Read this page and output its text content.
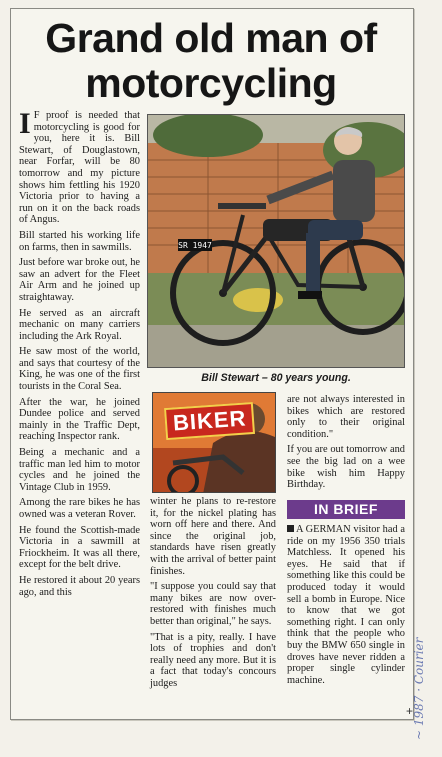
Grand old man of motorcycling

I F proof is needed that motorcycling is good for you, here it is. Bill Stewart, of Douglastown, near Forfar, will be 80 tomorrow and my picture shows him fettling his 1920 Victoria prior to having a run on it on the back roads of Angus.

Bill started his working life on farms, then in sawmills.

Just before war broke out, he saw an advert for the Fleet Air Arm and he joined up straightaway.

He served as an aircraft mechanic on many carriers including the Ark Royal.

He saw most of the world, and says that courtesy of the King, he was one of the first tourists in the Coral Sea.

After the war, he joined Dundee police and served mainly in the Traffic Dept, reaching Inspector rank.

Being a mechanic and a traffic man led him to motor cycles and he joined the Vintage Club in 1959.

Among the rare bikes he has owned was a veteran Rover.

He found the Scottish-made Victoria in a sawmill at Friockheim. It was all there, except for the belt drive.

He restored it about 20 years ago, and this

SR 1947
Bill Stewart – 80 years young.
BIKER

winter he plans to re-restore it, for the nickel plating has worn off here and there. And since the original job, standards have risen greatly with the arrival of better paint finishes.

"I suppose you could say that many bikes are now over-restored with finishes much better than original," he says.

"That is a pity, really. I have lots of trophies and don't really need any more. But it is a fact that today's concours judges

are not always interested in bikes which are restored only to their original condition."

If you are out tomorrow and see the big lad on a wee bike wish him Happy Birthday.

IN BRIEF

A GERMAN visitor had a ride on my 1956 350 trials Matchless. It opened his eyes. He said that if something like this could be produced today it would sell a bomb in Europe. Nice to know that we got something right. I can only think that the people who buy the BMW 650 single in droves have never ridden a proper single cylinder machine.	~ 1987 · Courier
+
